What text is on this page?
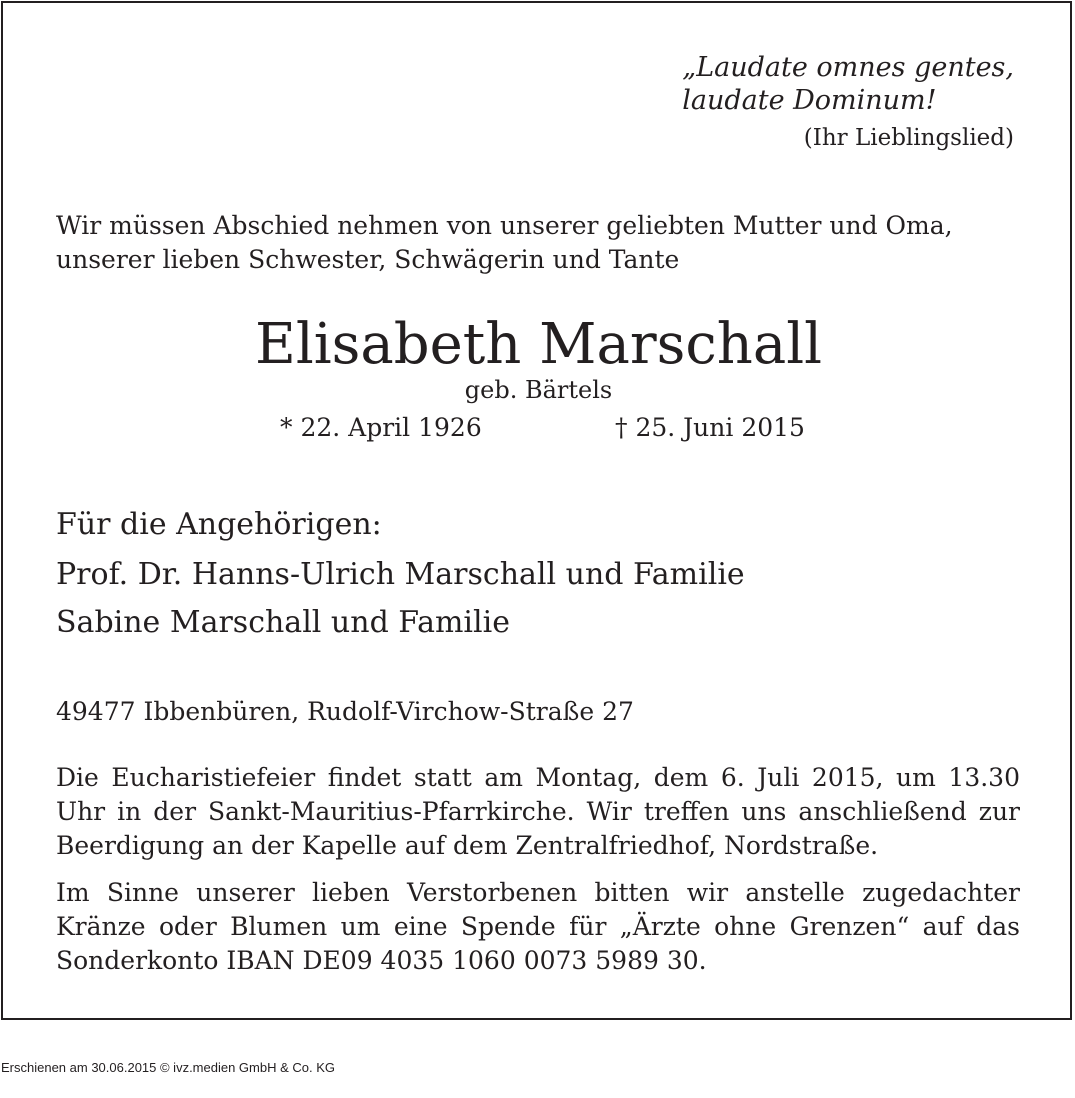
„Laudate omnes gentes,
laudate Dominum!
(Ihr Lieblingslied)
Wir müssen Abschied nehmen von unserer geliebten Mutter und Oma, unserer lieben Schwester, Schwägerin und Tante
Elisabeth Marschall
geb. Bärtels
* 22. April 1926	† 25. Juni 2015
Für die Angehörigen:
Prof. Dr. Hanns-Ulrich Marschall und Familie
Sabine Marschall und Familie
49477 Ibbenbüren, Rudolf-Virchow-Straße 27
Die Eucharistiefeier findet statt am Montag, dem 6. Juli 2015, um 13.30 Uhr in der Sankt-Mauritius-Pfarrkirche. Wir treffen uns anschließend zur Beerdigung an der Kapelle auf dem Zentralfriedhof, Nordstraße.
Im Sinne unserer lieben Verstorbenen bitten wir anstelle zugedachter Kränze oder Blumen um eine Spende für „Ärzte ohne Grenzen“ auf das Sonderkonto IBAN DE09 4035 1060 0073 5989 30.
Erschienen am 30.06.2015 © ivz.medien GmbH & Co. KG
